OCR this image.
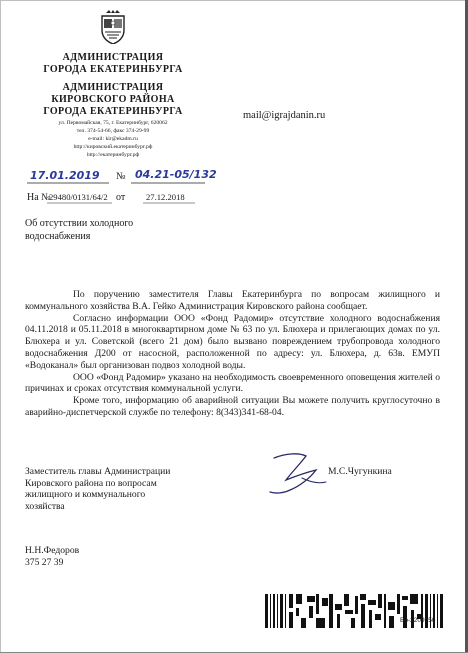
АДМИНИСТРАЦИЯ
ГОРОДА ЕКАТЕРИНБУРГА
АДМИНИСТРАЦИЯ
КИРОВСКОГО РАЙОНА
ГОРОДА ЕКАТЕРИНБУРГА
ул. Первомайская, 75, г. Екатеринбург, 620062
тел. 374-54-66, факс 374-29-99
e-mail: kir@ekadm.ru
http://кировский.екатеринбург.рф
http://екатеринбург.рф
mail@igrajdanin.ru
17.01.2019 № 04.21-05/132
На №
29480/0131/64/2 от 27.12.2018
Об отсутствии холодного
водоснабжения

По поручению заместителя Главы Екатеринбурга по вопросам жилищного и коммунального хозяйства В.А. Гейко Администрация Кировского района сообщает.

Согласно информации ООО «Фонд Радомир» отсутствие холодного водоснабжения 04.11.2018 и 05.11.2018 в многоквартирном доме № 63 по ул. Блюхера и прилегающих домах по ул. Блюхера и ул. Советской (всего 21 дом) было вызвано повреждением трубопровода холодного водоснабжения Д200 от насосной, расположенной по адресу: ул. Блюхера, д. 63в. ЕМУП «Водоканал» был организован подвоз холодной воды.

ООО «Фонд Радомир» указано на необходимость своевременного оповещения жителей о причинах и сроках отсутствия коммунальной услуги.

Кроме того, информацию об аварийной ситуации Вы можете получить круглосуточно в аварийно-диспетчерской службе по телефону: 8(343)341-68-04.

Заместитель главы Администрации
Кировского района по вопросам
жилищного и коммунального
хозяйства
М.С.Чугункина
Н.Н.Федоров
375 27 39
Вр-2209250
